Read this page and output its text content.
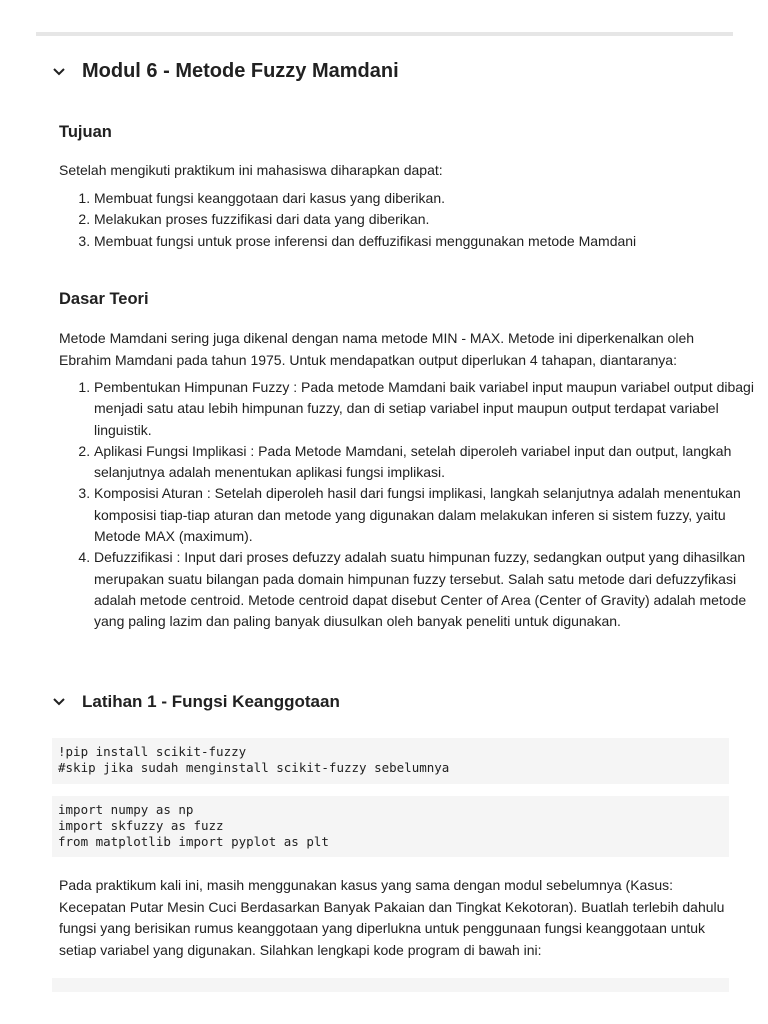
Modul 6 - Metode Fuzzy Mamdani
Tujuan
Setelah mengikuti praktikum ini mahasiswa diharapkan dapat:
1. Membuat fungsi keanggotaan dari kasus yang diberikan.
2. Melakukan proses fuzzifikasi dari data yang diberikan.
3. Membuat fungsi untuk prose inferensi dan deffuzifikasi menggunakan metode Mamdani
Dasar Teori
Metode Mamdani sering juga dikenal dengan nama metode MIN - MAX. Metode ini diperkenalkan oleh Ebrahim Mamdani pada tahun 1975. Untuk mendapatkan output diperlukan 4 tahapan, diantaranya:
1. Pembentukan Himpunan Fuzzy : Pada metode Mamdani baik variabel input maupun variabel output dibagi menjadi satu atau lebih himpunan fuzzy, dan di setiap variabel input maupun output terdapat variabel linguistik.
2. Aplikasi Fungsi Implikasi : Pada Metode Mamdani, setelah diperoleh variabel input dan output, langkah selanjutnya adalah menentukan aplikasi fungsi implikasi.
3. Komposisi Aturan : Setelah diperoleh hasil dari fungsi implikasi, langkah selanjutnya adalah menentukan komposisi tiap-tiap aturan dan metode yang digunakan dalam melakukan inferen si sistem fuzzy, yaitu Metode MAX (maximum).
4. Defuzzifikasi : Input dari proses defuzzy adalah suatu himpunan fuzzy, sedangkan output yang dihasilkan merupakan suatu bilangan pada domain himpunan fuzzy tersebut. Salah satu metode dari defuzzyfikasi adalah metode centroid. Metode centroid dapat disebut Center of Area (Center of Gravity) adalah metode yang paling lazim dan paling banyak diusulkan oleh banyak peneliti untuk digunakan.
Latihan 1 - Fungsi Keanggotaan
!pip install scikit-fuzzy
#skip jika sudah menginstall scikit-fuzzy sebelumnya
import numpy as np
import skfuzzy as fuzz
from matplotlib import pyplot as plt
Pada praktikum kali ini, masih menggunakan kasus yang sama dengan modul sebelumnya (Kasus: Kecepatan Putar Mesin Cuci Berdasarkan Banyak Pakaian dan Tingkat Kekotoran). Buatlah terlebih dahulu fungsi yang berisikan rumus keanggotaan yang diperlukna untuk penggunaan fungsi keanggotaan untuk setiap variabel yang digunakan. Silahkan lengkapi kode program di bawah ini:
